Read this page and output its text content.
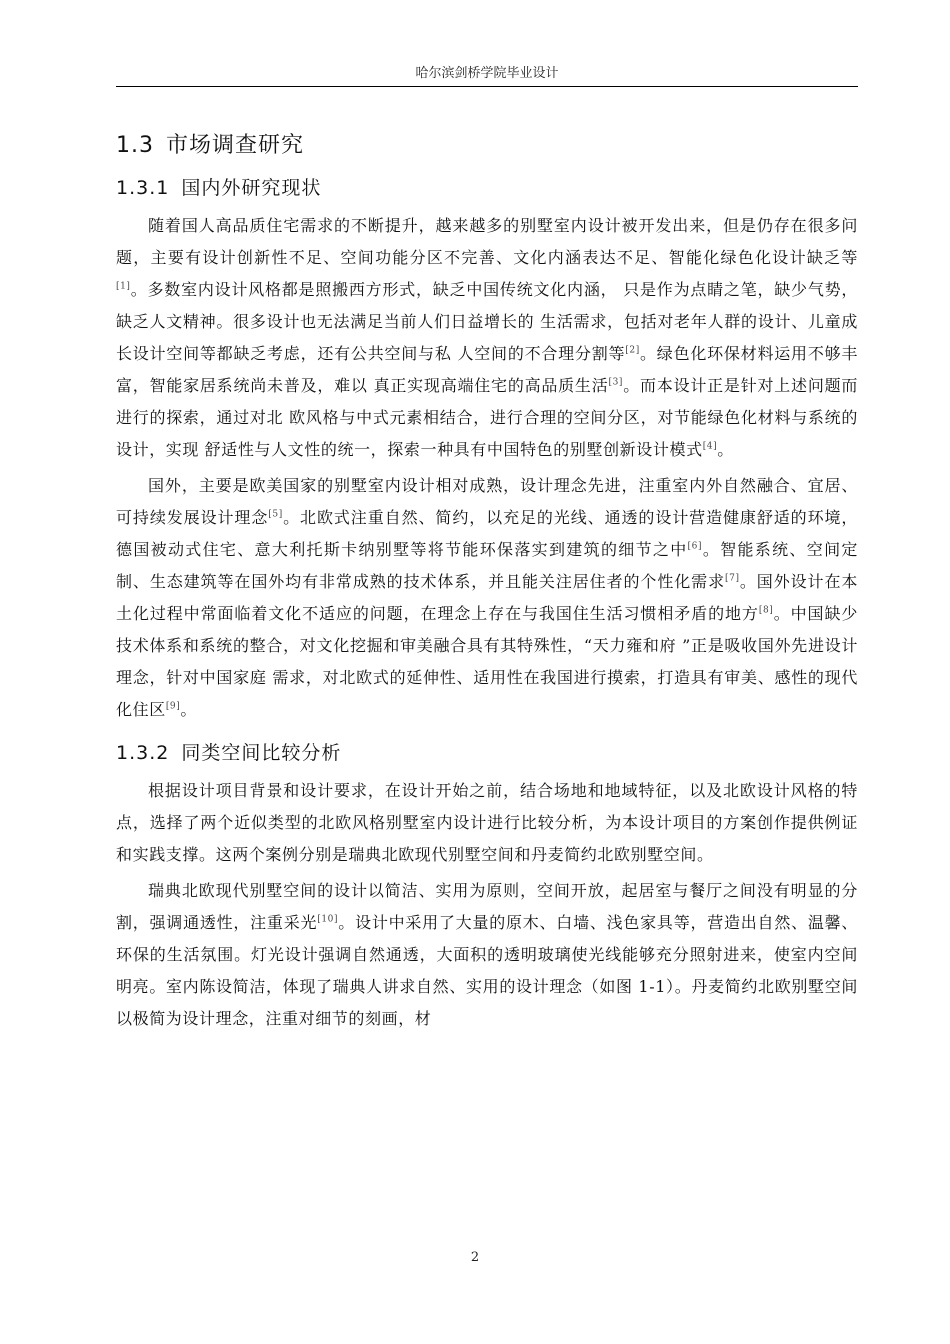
哈尔滨剑桥学院毕业设计
1.3 市场调查研究
1.3.1 国内外研究现状

随着国人高品质住宅需求的不断提升，越来越多的别墅室内设计被开发出来，但是仍存在很多问题，主要有设计创新性不足、空间功能分区不完善、文化内涵表达不足、智能化绿色化设计缺乏等[1]。多数室内设计风格都是照搬西方形式，缺乏中国传统文化内涵， 只是作为点睛之笔，缺少气势，缺乏人文精神。很多设计也无法满足当前人们日益增长的 生活需求，包括对老年人群的设计、儿童成长设计空间等都缺乏考虑，还有公共空间与私 人空间的不合理分割等[2]。绿色化环保材料运用不够丰富，智能家居系统尚未普及，难以 真正实现高端住宅的高品质生活[3]。而本设计正是针对上述问题而进行的探索，通过对北 欧风格与中式元素相结合，进行合理的空间分区，对节能绿色化材料与系统的设计，实现 舒适性与人文性的统一，探索一种具有中国特色的别墅创新设计模式[4]。

国外，主要是欧美国家的别墅室内设计相对成熟，设计理念先进，注重室内外自然融合、宜居、可持续发展设计理念[5]。北欧式注重自然、简约，以充足的光线、通透的设计营造健康舒适的环境，德国被动式住宅、意大利托斯卡纳别墅等将节能环保落实到建筑的细节之中[6]。智能系统、空间定制、生态建筑等在国外均有非常成熟的技术体系，并且能关注居住者的个性化需求[7]。国外设计在本土化过程中常面临着文化不适应的问题，在理念上存在与我国住生活习惯相矛盾的地方[8]。中国缺少技术体系和系统的整合，对文化挖掘和审美融合具有其特殊性，“天力雍和府 ”正是吸收国外先进设计理念，针对中国家庭 需求，对北欧式的延伸性、适用性在我国进行摸索，打造具有审美、感性的现代化住区[9]。

1.3.2 同类空间比较分析

根据设计项目背景和设计要求，在设计开始之前，结合场地和地域特征，以及北欧设计风格的特点，选择了两个近似类型的北欧风格别墅室内设计进行比较分析，为本设计项目的方案创作提供例证和实践支撑。这两个案例分别是瑞典北欧现代别墅空间和丹麦简约北欧别墅空间。

瑞典北欧现代别墅空间的设计以简洁、实用为原则，空间开放，起居室与餐厅之间没有明显的分割，强调通透性，注重采光[10]。设计中采用了大量的原木、白墙、浅色家具等，营造出自然、温馨、环保的生活氛围。灯光设计强调自然通透，大面积的透明玻璃使光线能够充分照射进来，使室内空间明亮。室内陈设简洁，体现了瑞典人讲求自然、实用的设计理念（如图 1-1）。丹麦简约北欧别墅空间以极简为设计理念，注重对细节的刻画，材

2
